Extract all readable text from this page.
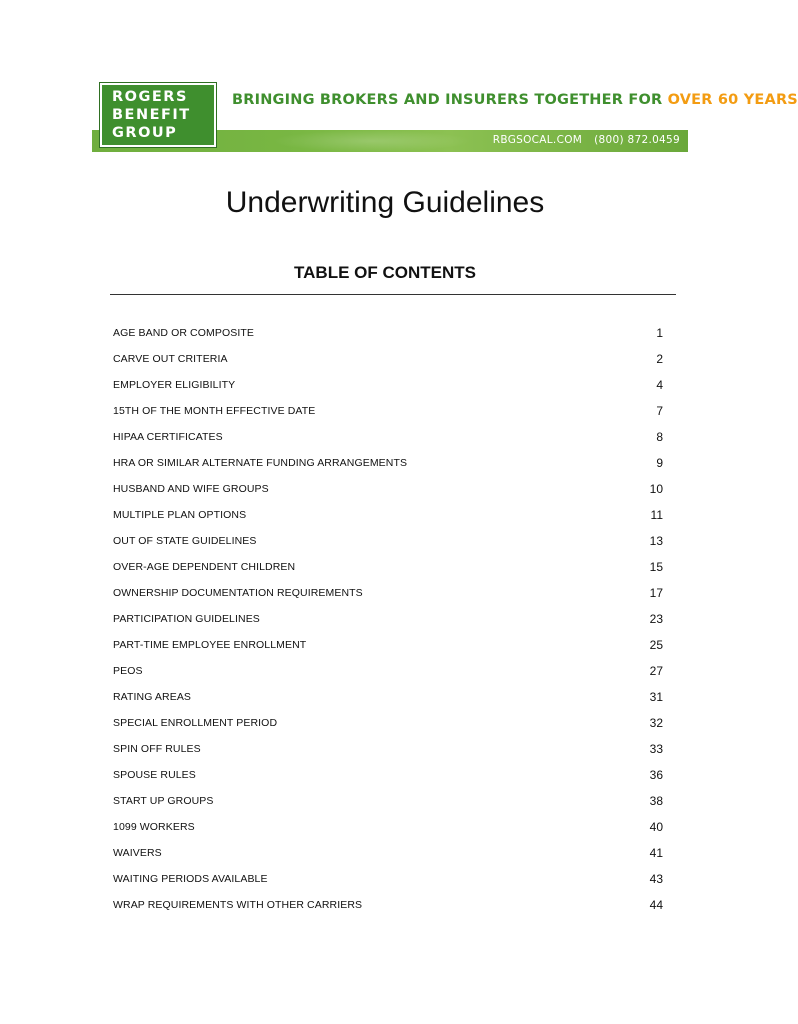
ROGERS
BENEFIT
GROUP
BRINGING BROKERS AND INSURERS TOGETHER FOR OVER 60 YEARS
RBGSOCAL.COM (800) 872.0459
Underwriting Guidelines
TABLE OF CONTENTS
AGE BAND OR COMPOSITE	1
CARVE OUT CRITERIA	2
EMPLOYER ELIGIBILITY	4
15TH OF THE MONTH EFFECTIVE DATE	7
HIPAA CERTIFICATES	8
HRA OR SIMILAR ALTERNATE FUNDING ARRANGEMENTS	9
HUSBAND AND WIFE GROUPS	10
MULTIPLE PLAN OPTIONS	11
OUT OF STATE GUIDELINES	13
OVER-AGE DEPENDENT CHILDREN	15
OWNERSHIP DOCUMENTATION REQUIREMENTS	17
PARTICIPATION GUIDELINES	23
PART-TIME EMPLOYEE ENROLLMENT	25
PEOS	27
RATING AREAS	31
SPECIAL ENROLLMENT PERIOD	32
SPIN OFF RULES	33
SPOUSE RULES	36
START UP GROUPS	38
1099 WORKERS	40
WAIVERS	41
WAITING PERIODS AVAILABLE	43
WRAP REQUIREMENTS WITH OTHER CARRIERS	44
